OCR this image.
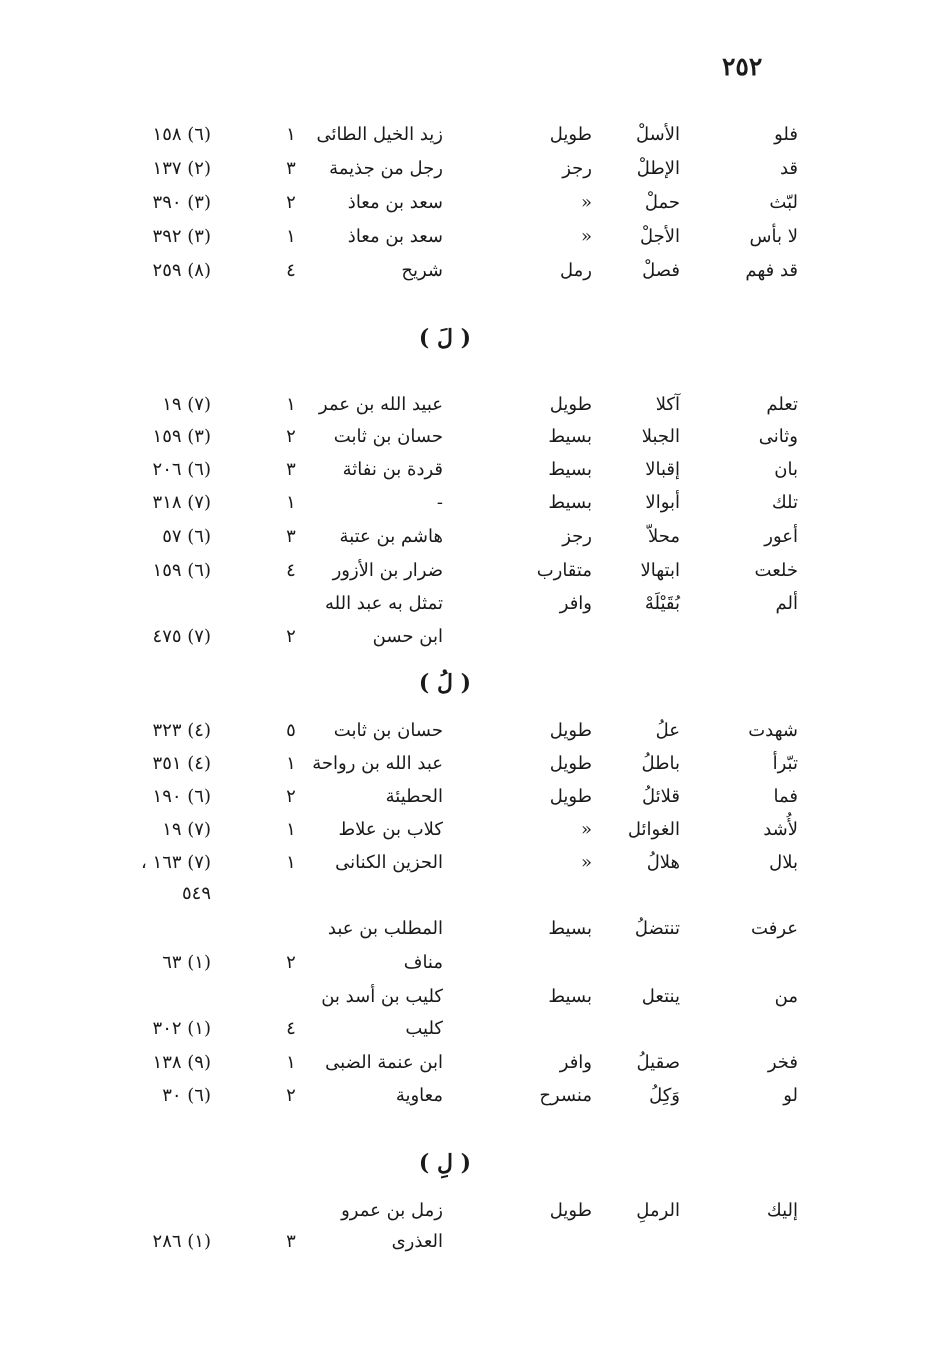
٢٥٢
فلو
الأسلْ
طويل
زيد الخيل الطائى
١
(٦) ١٥٨
قد
الإطلْ
رجز
رجل من جذيمة
٣
(٢) ١٣٧
لبّث
حملْ
»
سعد بن معاذ
٢
(٣) ٣٩٠
لا بأس
الأجلْ
»
سعد بن معاذ
١
(٣) ٣٩٢
قد فهم
فصلْ
رمل
شريح
٤
(٨) ٢٥٩
( لَ )
تعلم
آكلا
طويل
عبيد الله بن عمر
١
(٧) ١٩
وثانى
الجبلا
بسيط
حسان بن ثابت
٢
(٣) ١٥٩
بان
إقبالا
بسيط
قردة بن نفاثة
٣
(٦) ٢٠٦
تلك
أبوالا
بسيط
-
١
(٧) ٣١٨
أعور
محلاّ
رجز
هاشم بن عتبة
٣
(٦) ٥٧
خلعت
ابتهالا
متقارب
ضرار بن الأزور
٤
(٦) ١٥٩
ألم
بُقَيْلَهْ
وافر
تمثل به عبد الله
ابن حسن
٢
(٧) ٤٧٥
( لُ )
شهدت
علُ
طويل
حسان بن ثابت
٥
(٤) ٣٢٣
تبّرأ
باطلُ
طويل
عبد الله بن رواحة
١
(٤) ٣٥١
فما
قلائلُ
طويل
الحطيئة
٢
(٦) ١٩٠
لأُشد
الغوائل
»
كلاب بن علاط
١
(٧) ١٩
بلال
هلالُ
»
الحزين الكنانى
١
(٧) ١٦٣ ،
٥٤٩
عرفت
تنتضلُ
بسيط
المطلب بن عبد
مناف
٢
(١) ٦٣
من
ينتعل
بسيط
كليب بن أسد بن
كليب
٤
(١) ٣٠٢
فخر
صقيلُ
وافر
ابن عنمة الضبى
١
(٩) ١٣٨
لو
وَكِلُ
منسرح
معاوية
٢
(٦) ٣٠
( لِ )
إليك
الرملِ
طويل
زمل بن عمرو
العذرى
٣
(١) ٢٨٦
